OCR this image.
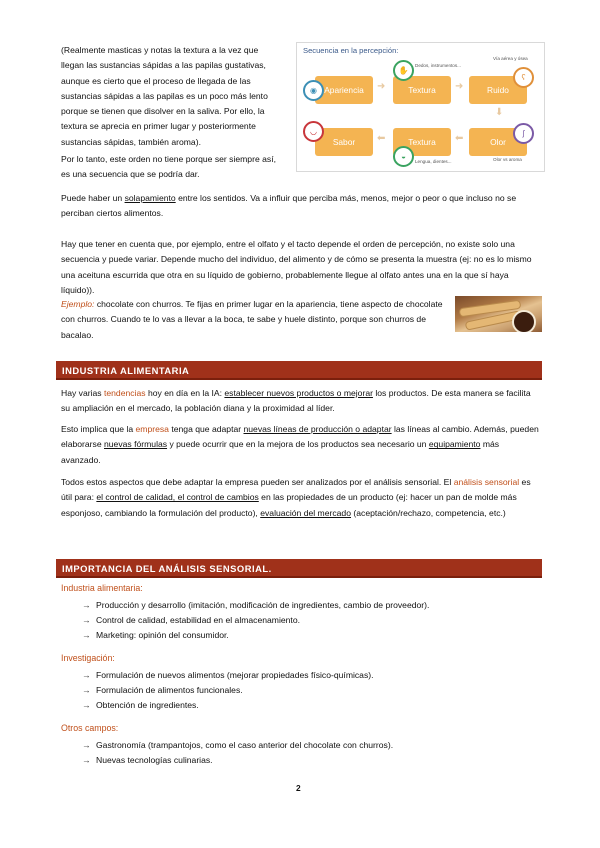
(Realmente masticas y notas la textura a la vez que llegan las sustancias sápidas a las papilas gustativas, aunque es cierto que el proceso de llegada de las sustancias sápidas a las papilas es un poco más lento porque se tienen que disolver en la saliva. Por ello, la textura se aprecia en primer lugar y posteriormente sustancias sápidas, también aroma).

Por lo tanto, este orden no tiene porque ser siempre así, es una secuencia que se podría dar.

Secuencia en la percepción:
Apariencia	Textura	Ruido
Sabor	Textura	Olor
➜	➜
⬇
⬅
⬅
◉
✋
ʕ
◡
◒
ʃ
Dedos, instrumentos...
Vía aérea y ósea
Lengua, dientes...	Olor vs aroma

Puede haber un solapamiento entre los sentidos. Va a influir que perciba más, menos, mejor o peor o que incluso no se perciban ciertos alimentos.

Hay que tener en cuenta que, por ejemplo, entre el olfato y el tacto depende el orden de percepción, no existe solo una secuencia y puede variar. Depende mucho del individuo, del alimento y de cómo se presenta la muestra (ej: no es lo mismo una aceituna escurrida que otra en su líquido de gobierno, probablemente llegue al olfato antes una en la que sí haya líquido)).

Ejemplo: chocolate con churros. Te fijas en primer lugar en la apariencia, tiene aspecto de chocolate con churros. Cuando te lo vas a llevar a la boca, te sabe y huele distinto, porque son churros de bacalao.

INDUSTRIA ALIMENTARIA

Hay varias tendencias hoy en día en la IA: establecer nuevos productos o mejorar los productos. De esta manera se facilita su ampliación en el mercado, la población diana y la proximidad al líder.

Esto implica que la empresa tenga que adaptar nuevas líneas de producción o adaptar las líneas al cambio. Además, pueden elaborarse nuevas fórmulas y puede ocurrir que en la mejora de los productos sea necesario un equipamiento más avanzado.

Todos estos aspectos que debe adaptar la empresa pueden ser analizados por el análisis sensorial. El análisis sensorial es útil para: el control de calidad, el control de cambios en las propiedades de un producto (ej: hacer un pan de molde más esponjoso, cambiando la formulación del producto), evaluación del mercado (aceptación/rechazo, competencia, etc.)

IMPORTANCIA DEL ANÁLISIS SENSORIAL.
Industria alimentaria:
→ Producción y desarrollo (imitación, modificación de ingredientes, cambio de proveedor).
→ Control de calidad, estabilidad en el almacenamiento.
→ Marketing: opinión del consumidor.
Investigación:
→ Formulación de nuevos alimentos (mejorar propiedades físico-químicas).
→ Formulación de alimentos funcionales.
→ Obtención de ingredientes.
Otros campos:
→ Gastronomía (trampantojos, como el caso anterior del chocolate con churros).
→ Nuevas tecnologías culinarias.
2
